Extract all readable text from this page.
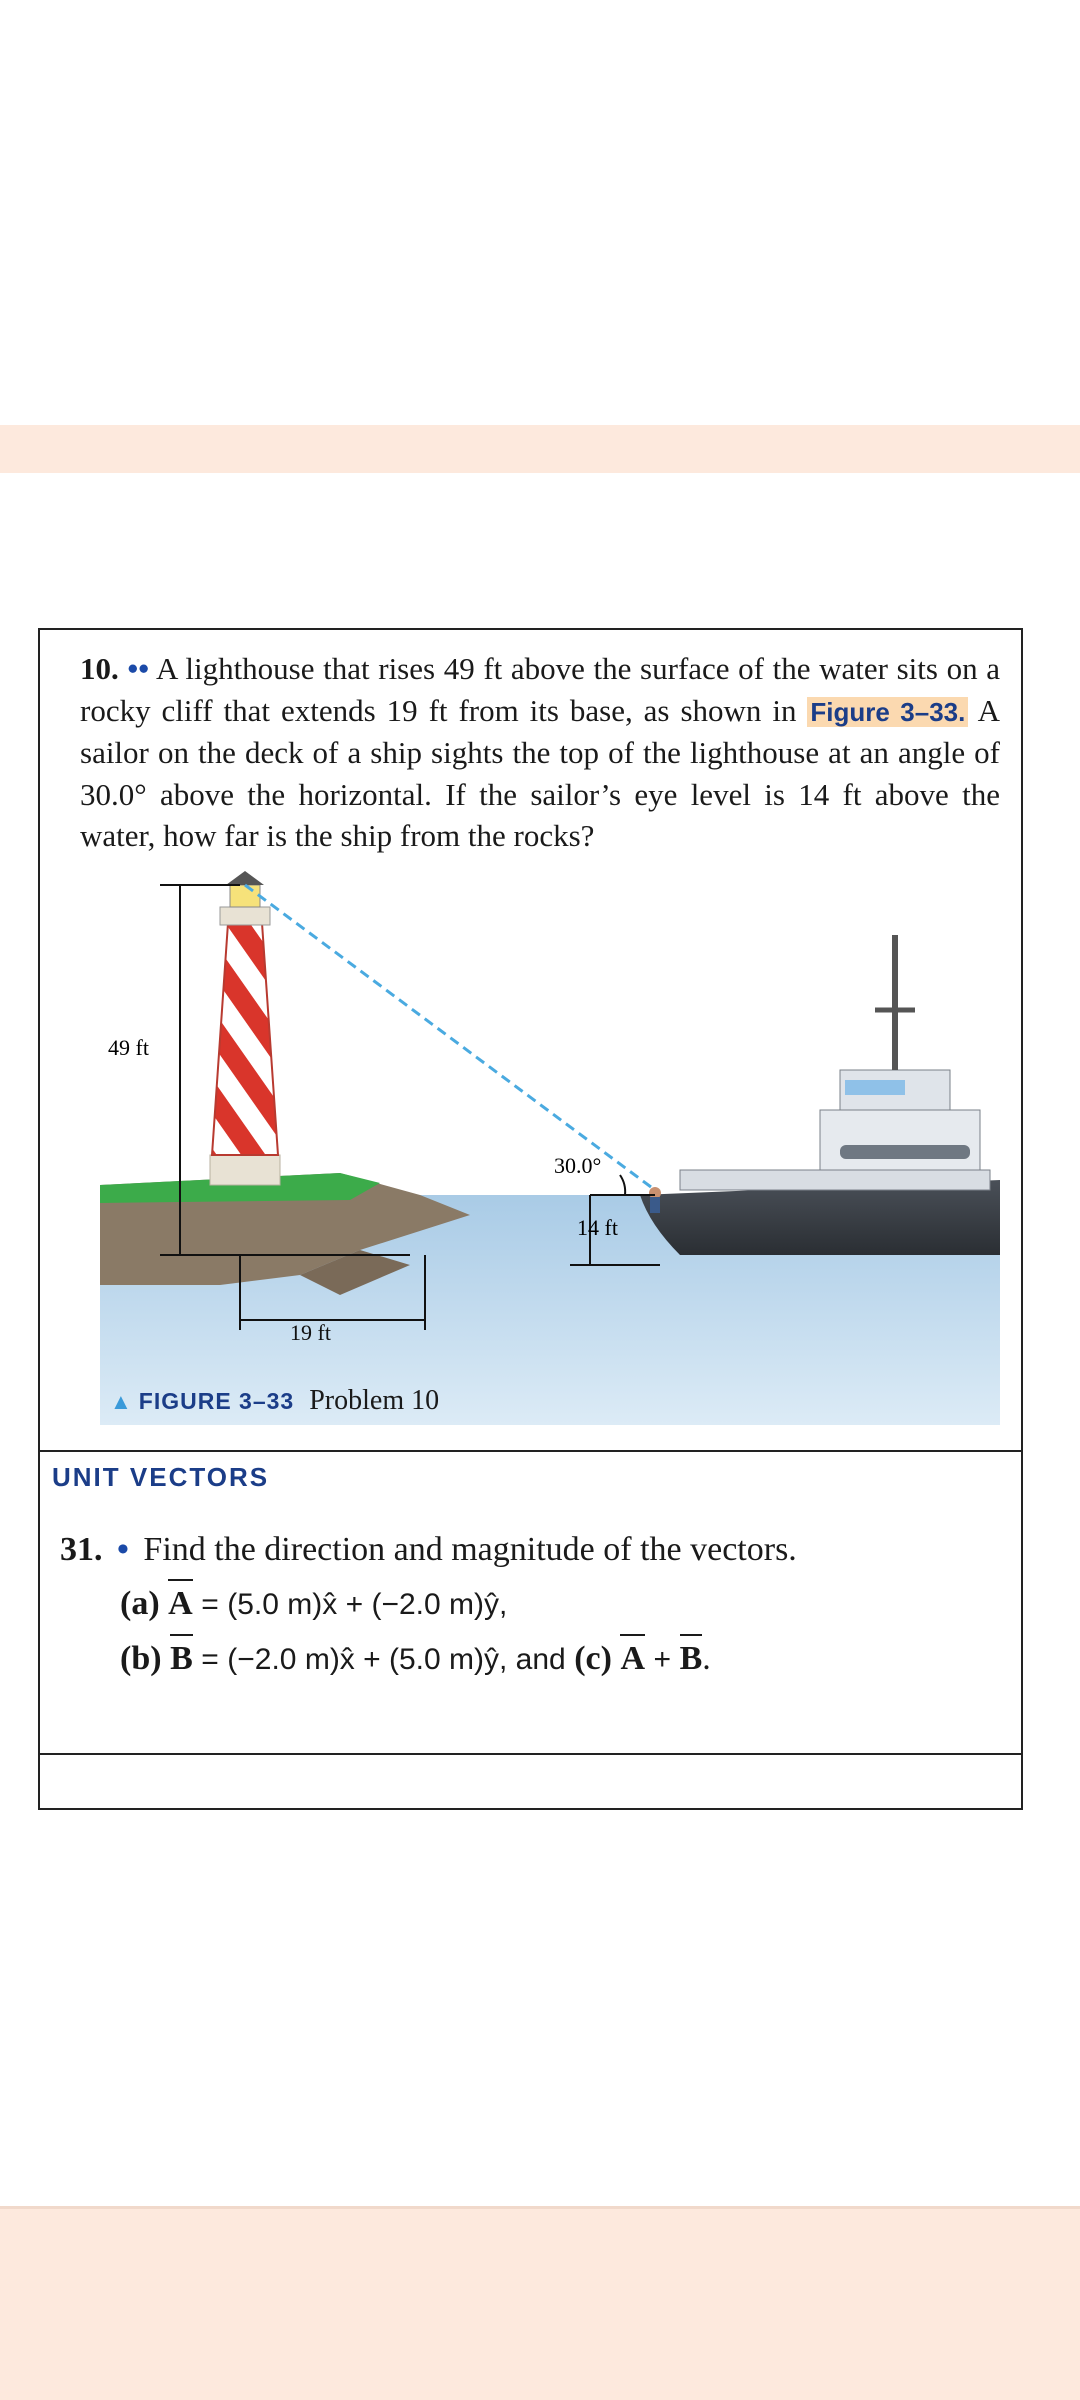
10. •• A lighthouse that rises 49 ft above the surface of the water sits on a rocky cliff that extends 19 ft from its base, as shown in Figure 3–33. A sailor on the deck of a ship sights the top of the lighthouse at an angle of 30.0° above the horizontal. If the sailor’s eye level is 14 ft above the water, how far is the ship from the rocks?
49 ft
30.0°
14 ft
19 ft
▲ FIGURE 3–33 Problem 10
UNIT VECTORS
31. • Find the direction and magnitude of the vectors.
(a) A = (5.0 m)x̂ + (−2.0 m)ŷ,
(b) B = (−2.0 m)x̂ + (5.0 m)ŷ, and (c) A + B.
